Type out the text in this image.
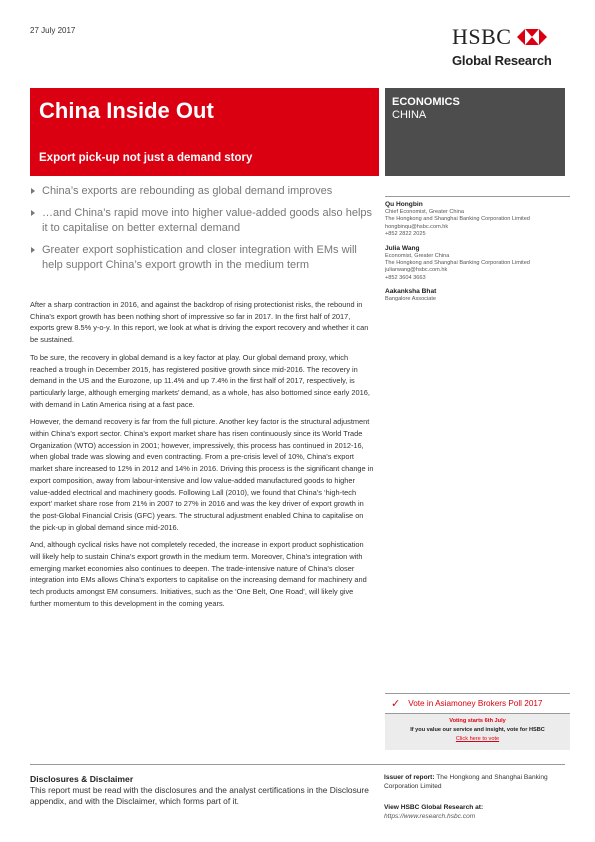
27 July 2017	HSBC
Global Research
China Inside Out
Export pick-up not just a demand story
ECONOMICS
CHINA
China’s exports are rebounding as global demand improves
…and China’s rapid move into higher value-added goods also helps it to capitalise on better external demand
Greater export sophistication and closer integration with EMs will help support China’s export growth in the medium term

After a sharp contraction in 2016, and against the backdrop of rising protectionist risks, the rebound in China’s export growth has been nothing short of impressive so far in 2017. In the first half of 2017, exports grew 8.5% y-o-y. In this report, we look at what is driving the export recovery and whether it can be sustained.

To be sure, the recovery in global demand is a key factor at play. Our global demand proxy, which reached a trough in December 2015, has registered positive growth since mid-2016. The recovery in demand in the US and the Eurozone, up 11.4% and up 7.4% in the first half of 2017, respectively, is particularly large, although emerging markets’ demand, as a whole, has also bottomed since early 2016, with demand in Latin America rising at a fast pace.

However, the demand recovery is far from the full picture. Another key factor is the structural adjustment within China’s export sector. China’s export market share has risen continuously since its World Trade Organization (WTO) accession in 2001; however, impressively, this process has continued in 2012-16, when global trade was slowing and even contracting. From a pre-crisis level of 10%, China’s export market share increased to 12% in 2012 and 14% in 2016. Driving this process is the significant change in export composition, away from labour-intensive and low value-added manufactured goods to higher value-added electrical and machinery goods. Following Lall (2010), we found that China’s ‘high-tech export’ market share rose from 21% in 2007 to 27% in 2016 and was the key driver of export growth in the post-Global Financial Crisis (GFC) years. The structural adjustment enabled China to capitalise on the pick-up in global demand since mid-2016.

And, although cyclical risks have not completely receded, the increase in export product sophistication will likely help to sustain China’s export growth in the medium term. Moreover, China’s integration with emerging market economies also continues to deepen. The trade-intensive nature of China’s closer integration into EMs allows China’s exporters to capitalise on the increasing demand for machinery and tech products amongst EM consumers. Initiatives, such as the ‘One Belt, One Road’, will likely give further momentum to this development in the coming years.

Qu Hongbin
Chief Economist, Greater China
The Hongkong and Shanghai Banking Corporation Limited
hongbinqu@hsbc.com.hk
+852 2822 2025
Julia Wang
Economist, Greater China
The Hongkong and Shanghai Banking Corporation Limited
juliarwang@hsbc.com.hk
+852 3604 3663
Aakanksha Bhat
Bangalore Associate
✓ Vote in Asiamoney Brokers Poll 2017
Voting starts 6th July
If you value our service and insight, vote for HSBC
Click here to vote
Disclosures & Disclaimer
This report must be read with the disclosures and the analyst certifications in the Disclosure appendix, and with the Disclaimer, which forms part of it.
Issuer of report: The Hongkong and Shanghai Banking Corporation Limited
View HSBC Global Research at:
https://www.research.hsbc.com
